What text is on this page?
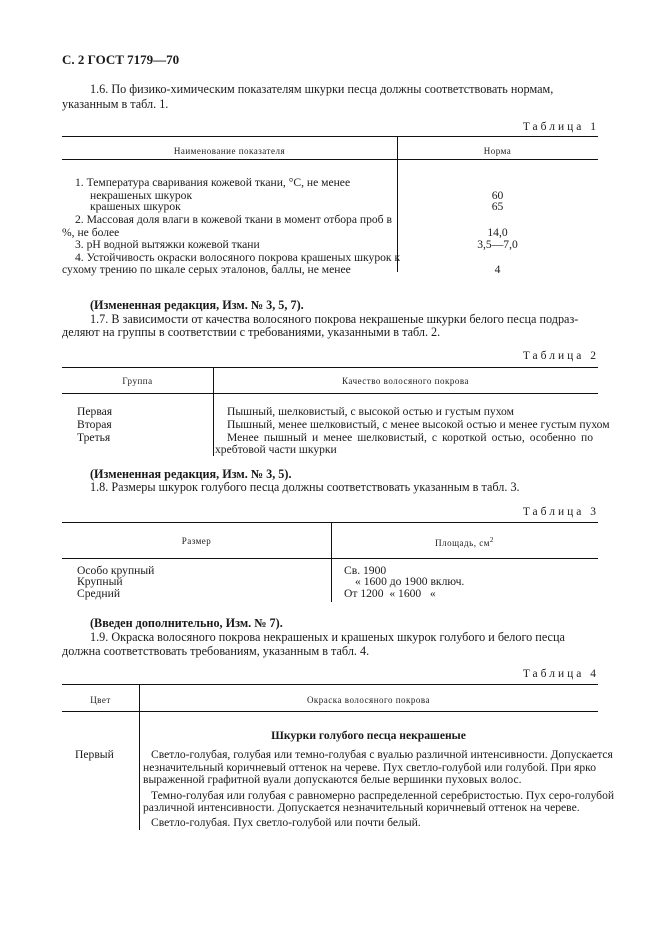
С. 2 ГОСТ 7179—70
1.6. По физико-химическим показателям шкурки песца должны соответствовать нормам,
указанным в табл. 1.
Таблица 1
Наименование показателя	Норма
1. Температура сваривания кожевой ткани, °С, не менее
некрашеных шкурок	60
крашеных шкурок	65
2. Массовая доля влаги в кожевой ткани в момент отбора проб в
%, не более	14,0
3. pH водной вытяжки кожевой ткани	3,5—7,0
4. Устойчивость окраски волосяного покрова крашеных шкурок к
сухому трению по шкале серых эталонов, баллы, не менее	4
(Измененная редакция, Изм. № 3, 5, 7).
1.7. В зависимости от качества волосяного покрова некрашеные шкурки белого песца подраз-
деляют на группы в соответствии с требованиями, указанными в табл. 2.
Таблица 2
Группа	Качество волосяного покрова
Первая	Пышный, шелковистый, с высокой остью и густым пухом
Вторая	Пышный, менее шелковистый, с менее высокой остью и менее густым пухом
Третья	Менее пышный и менее шелковистый, с короткой остью, особенно по
хребтовой части шкурки
(Измененная редакция, Изм. № 3, 5).
1.8. Размеры шкурок голубого песца должны соответствовать указанным в табл. 3.
Таблица 3
Размер	Площадь, $см^2$
Особо крупный	Св. 1900
Крупный	« 1600 до 1900 включ.
Средний	От 1200  « 1600   «
(Введен дополнительно, Изм. № 7).
1.9. Окраска волосяного покрова некрашеных и крашеных шкурок голубого и белого песца
должна соответствовать требованиям, указанным в табл. 4.
Таблица 4
Цвет	Окраска волосяного покрова
Шкурки голубого песца некрашеные
Первый	Светло-голубая, голубая или темно-голубая с вуалью различной интенсивности. Допускается
незначительный коричневый оттенок на черевe. Пух светло-голубой или голубой. При ярко
выраженной графитной вуали допускаются белые вершинки пуховых волос.
Темно-голубая или голубая с равномерно распределенной серебристостью. Пух серо-голубой
различной интенсивности. Допускается незначительный коричневый оттенок на череве.
Светло-голубая. Пух светло-голубой или почти белый.
